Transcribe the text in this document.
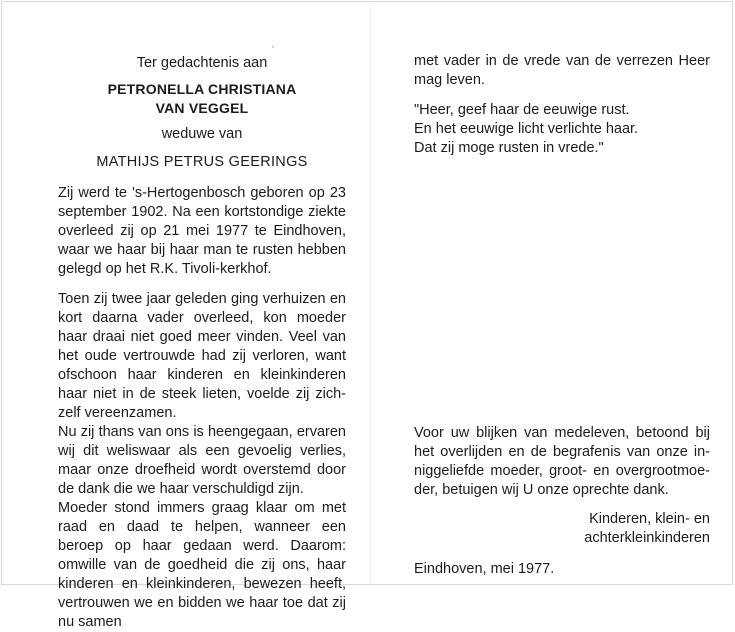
Ter gedachtenis aan

PETRONELLA CHRISTIANA

VAN VEGGEL

weduwe van

MATHIJS PETRUS GEERINGS

Zij werd te 's-Hertogenbosch geboren op 23 september 1902. Na een kortstondige ziekte overleed zij op 21 mei 1977 te Eindhoven, waar we haar bij haar man te rusten hebben gelegd op het R.K. Tivoli-kerkhof.

Toen zij twee jaar geleden ging verhuizen en kort daarna vader overleed, kon moeder haar draai niet goed meer vinden. Veel van het oude vertrouwde had zij verloren, want ofschoon haar kinderen en kleinkinderen haar niet in de steek lieten, voelde zij zich-zelf vereenzamen.

Nu zij thans van ons is heengegaan, ervaren wij dit weliswaar als een gevoelig verlies, maar onze droefheid wordt overstemd door de dank die we haar verschuldigd zijn.

Moeder stond immers graag klaar om met raad en daad te helpen, wanneer een beroep op haar gedaan werd. Daarom: omwille van de goedheid die zij ons, haar kinderen en kleinkinderen, bewezen heeft, vertrouwen we en bidden we haar toe dat zij nu samen

met vader in de vrede van de verrezen Heer mag leven.

"Heer, geef haar de eeuwige rust.

En het eeuwige licht verlichte haar.

Dat zij moge rusten in vrede."

Voor uw blijken van medeleven, betoond bij het overlijden en de begrafenis van onze in-niggeliefde moeder, groot- en overgrootmoe-der, betuigen wij U onze oprechte dank.

Kinderen, klein- en
achterkleinkinderen

Eindhoven, mei 1977.
